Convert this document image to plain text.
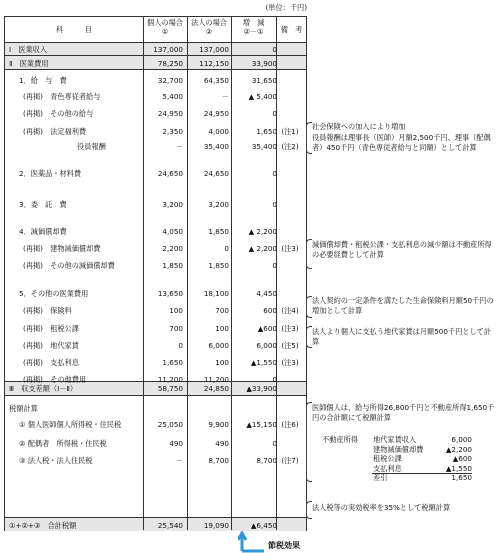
(単位：千円)
科　　　目
個人の場合
①
法人の場合
②
増　減
②－①	備　考
Ⅰ　医業収入	137,000	137,000	0
Ⅱ　医業費用	78,250	112,150	33,900
1．給　与　費	32,700	64,350	31,650
(再掲)　青色専従者給与	5,400	－	▲ 5,400
(再掲)　その他の給与	24,950	24,950	0
(再掲)　法定福利費	2,350	4,000	1,650 (注1)
役員報酬	－	35,400	35,400 (注2)
2．医薬品・材料費	24,650	24,650	0
3．委　託　費	3,200	3,200	0
4．減価償却費	4,050	1,850	▲ 2,200
(再掲)　建物減価償却費	2,200	0	▲ 2,200 (注3)
(再掲)　その他の減価償却費	1,850	1,850	0
5．その他の医業費用	13,650	18,100	4,450
(再掲)　保険料	100	700	600 (注4)
(再掲)　租税公課	700	100	▲600 (注3)
(再掲)　地代家賃	0	6,000	6,000 (注5)
(再掲)　支払利息	1,650	100	▲1,550 (注3)
(再掲)　その他費用	11,200	11,200	0
Ⅲ　収支差額（Ⅰ－Ⅱ）	58,750	24,850	▲33,900
税額計算
① 個人医師個人所得税・住民税	25,050	9,900	▲15,150 (注6)
② 配偶者　所得税・住民税	490	490	0
③ 法人税・法人住民税	－	8,700	8,700 (注7)
①+②+③　合計税額	25,540	19,090	▲6,450
社会保険への加入により増加
役員報酬は理事長（医師）月額2,500千円、理事（配偶者）450千円（青色専従者給与と同額）として計算
減価償却費・租税公課・支払利息の減少額は不動産所得の必要経費として計算
法人契約の一定条件を満たした生命保険料月額50千円の増加として計算
法人より個人に支払う地代家賃は月額500千円として計算
医師個人は、給与所得26,800千円と不動産所得1,650千円の合計額にて税額計算
不動産所得 地代家賃収入	6,000
建物減価償却費	▲2,200
租税公課	▲600
支払利息	▲1,550
差引	1,650
法人税等の実効税率を35%として税額計算
節税効果
